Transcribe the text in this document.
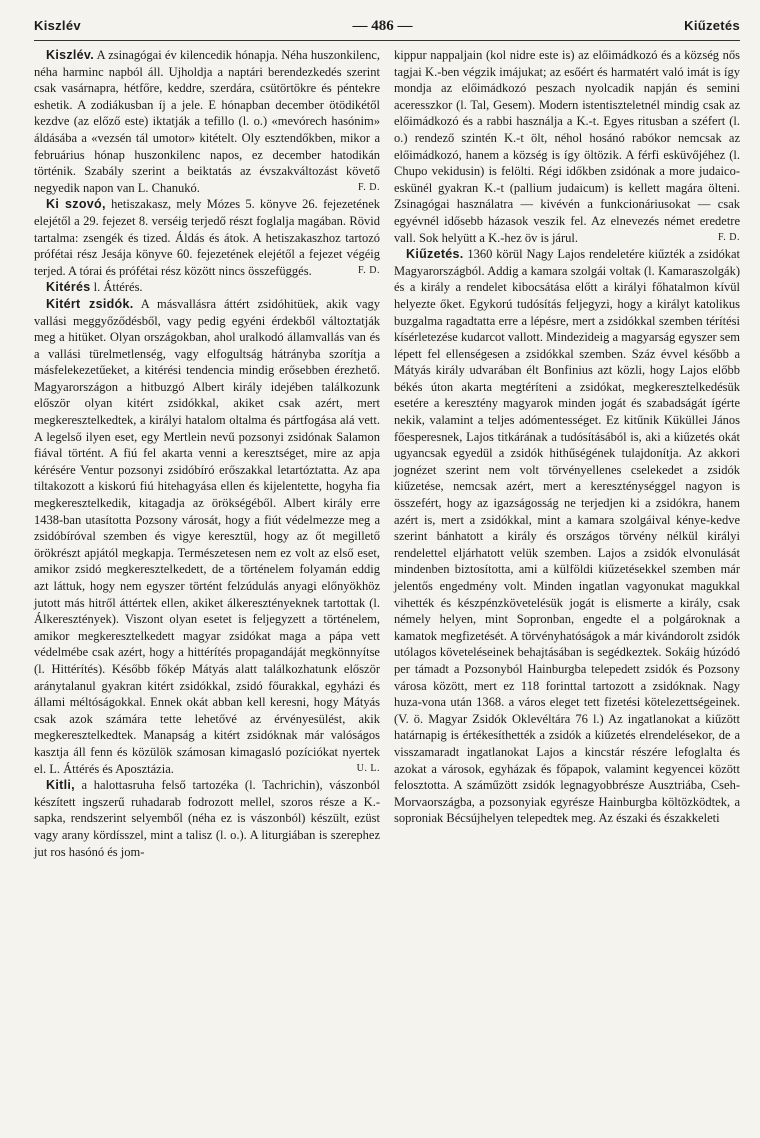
Kiszlév	— 486 —	Kiűzetés

Kiszlév. A zsinagógai év kilencedik hónapja. Néha huszonkilenc, néha harminc napból áll. Ujholdja a naptári berendezkedés szerint csak vasárnapra, hétfőre, keddre, szerdára, csütörtökre és péntekre eshetik. A zodiákusban íj a jele. E hónapban december ötödikétől kezdve (az előző este) iktatják a tefillo (l. o.) «mevórech hasónim» áldásába a «vezsén tál umotor» kitételt. Oly esztendőkben, mikor a februárius hónap huszonkilenc napos, ez december hatodikán történik. Szabály szerint a beiktatás az évszakváltozást követő negyedik napon van L. Chanukó.	F. D.

Ki szovó, hetiszakasz, mely Mózes 5. könyve 26. fejezetének elejétől a 29. fejezet 8. verséig terjedő részt foglalja magában. Rövid tartalma: zsengék és tized. Áldás és átok. A hetiszakaszhoz tartozó prófétai rész Jesája könyve 60. fejezetének elejétől a fejezet végéig terjed. A tórai és prófétai rész között nincs összefüggés.	F. D.

Kitérés l. Áttérés.

Kitért zsidók. A másvallásra áttért zsidóhitüek, akik vagy vallási meggyőződésből, vagy pedig egyéni érdekből változtatják meg a hitüket. Olyan országokban, ahol uralkodó államvallás van és a vallási türelmetlenség, vagy elfogultság hátrányba szorítja a másfelekezetűeket, a kitérési tendencia mindig erősebben érezhető. Magyarországon a hitbuzgó Albert király idejében találkozunk először olyan kitért zsidókkal, akiket csak azért, mert megkeresztelkedtek, a királyi hatalom oltalma és pártfogása alá vett. A legelső ilyen eset, egy Mertlein nevű pozsonyi zsidónak Salamon fiával történt. A fiú fel akarta venni a keresztséget, mire az apja kérésére Ventur pozsonyi zsidóbíró erőszakkal letartóztatta. Az apa tiltakozott a kiskorú fiú hitehagyása ellen és kijelentette, hogyha fia megkeresztelkedik, kitagadja az örökségéből. Albert király erre 1438-ban utasította Pozsony városát, hogy a fiút védelmezze meg a zsidóbíróval szemben és vigye keresztül, hogy az őt megillető örökrészt apjától megkapja. Természetesen nem ez volt az első eset, amikor zsidó megkeresztelkedett, de a történelem folyamán eddig azt láttuk, hogy nem egyszer történt felzúdulás anyagi előnyökhöz jutott más hitről áttértek ellen, akiket álkeresztényeknek tartottak (l. Álkeresztények). Viszont olyan esetet is feljegyzett a történelem, amikor megkeresztelkedett magyar zsidókat maga a pápa vett védelmébe csak azért, hogy a hittérítés propagandáját megkönnyítse (l. Hittérítés). Később főkép Mátyás alatt találkozhatunk először aránytalanul gyakran kitért zsidókkal, zsidó főurakkal, egyházi és állami méltóságokkal. Ennek okát abban kell keresni, hogy Mátyás csak azok számára tette lehetővé az érvényesülést, akik megkeresztelkedtek. Manapság a kitért zsidóknak már valóságos kasztja áll fenn és közülök számosan kimagasló pozíciókat nyertek el. L. Áttérés és Aposztázia.	U. L.

Kitli, a halottasruha felső tartozéka (l. Tachrichin), vászonból készített ingszerű ruhadarab fodrozott mellel, szoros része a K.-sapka, rendszerint selyemből (néha ez is vászonból) készült, ezüst vagy arany kördísszel, mint a talisz (l. o.). A liturgiában is szerephez jut ros hasónó és jom-

kippur nappaljain (kol nidre este is) az előimádkozó és a község nős tagjai K.-ben végzik imájukat; az esőért és harmatért való imát is így mondja az előimádkozó peszach nyolcadik napján és semini aceresszkor (l. Tal, Gesem). Modern istentiszteletnél mindig csak az előimádkozó és a rabbi használja a K.-t. Egyes ritusban a széfert (l. o.) rendező szintén K.-t ölt, néhol hosánó rabókor nemcsak az előimádkozó, hanem a község is így öltözik. A férfi esküvőjéhez (l. Chupo vekidusin) is felölti. Régi időkben zsidónak a more judaico-eskünél gyakran K.-t (pallium judaicum) is kellett magára ölteni. Zsinagógai használatra — kivévén a funkcionáriusokat — csak egyévnél idősebb házasok veszik fel. Az elnevezés német eredetre vall. Sok helyütt a K.-hez öv is járul.	F. D.

Kiűzetés. 1360 körül Nagy Lajos rendeletére kiűzték a zsidókat Magyarországból. Addig a kamara szolgái voltak (l. Kamaraszolgák) és a király a rendelet kibocsátása előtt a királyi főhatalmon kívül helyezte őket. Egykorú tudósítás feljegyzi, hogy a királyt katolikus buzgalma ragadtatta erre a lépésre, mert a zsidókkal szemben térítési kísérletezése kudarcot vallott. Mindezideig a magyarság egyszer sem lépett fel ellenségesen a zsidókkal szemben. Száz évvel később a Mátyás király udvarában élt Bonfinius azt közli, hogy Lajos előbb békés úton akarta megtéríteni a zsidókat, megkeresztelkedésük esetére a keresztény magyarok minden jogát és szabadságát ígérte nekik, valamint a teljes adómentességet. Ez kitűnik Küküllei János főesperesnek, Lajos titkárának a tudósításából is, aki a kiűzetés okát ugyancsak egyedül a zsidók hithűségének tulajdonítja. Az akkori jognézet szerint nem volt törvényellenes cselekedet a zsidók kiűzetése, nemcsak azért, mert a kereszténységgel nagyon is összefért, hogy az igazságosság ne terjedjen ki a zsidókra, hanem azért is, mert a zsidókkal, mint a kamara szolgáival kénye-kedve szerint bánhatott a király és országos törvény nélkül királyi rendelettel eljárhatott velük szemben. Lajos a zsidók elvonulását mindenben biztosította, ami a külföldi kiűzetésekkel szemben már jelentős engedmény volt. Minden ingatlan vagyonukat magukkal vihették és készpénzkövetelésük jogát is elismerte a király, csak némely helyen, mint Sopronban, engedte el a polgároknak a kamatok megfizetését. A törvényhatóságok a már kivándorolt zsidók utólagos követeléseinek behajtásában is segédkeztek. Sokáig húzódó per támadt a Pozsonyból Hainburgba telepedett zsidók és Pozsony városa között, mert ez 118 forinttal tartozott a zsidóknak. Nagy huza-vona után 1368. a város eleget tett fizetési kötelezettségeinek. (V. ö. Magyar Zsidók Oklevéltára 76 l.) Az ingatlanokat a kiűzött határnapig is értékesíthették a zsidók a kiűzetés elrendelésekor, de a visszamaradt ingatlanokat Lajos a kincstár részére lefoglalta és azokat a városok, egyházak és főpapok, valamint kegyencei között felosztotta. A száműzött zsidók legnagyobbrésze Ausztriába, Cseh-Morvaországba, a pozsonyiak egyrésze Hainburgba költözködtek, a soproniak Bécsújhelyen telepedtek meg. Az északi és északkeleti
